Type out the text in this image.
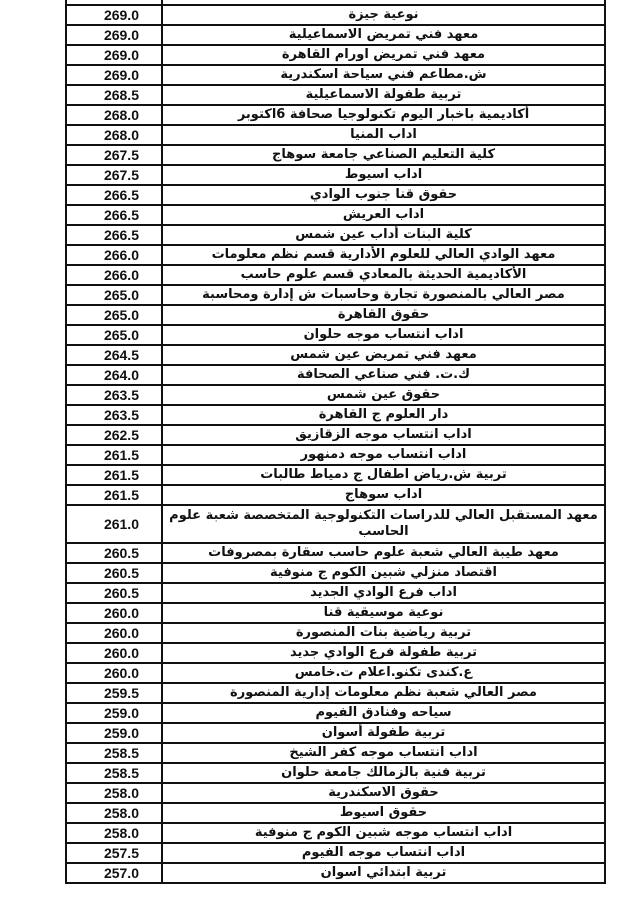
269.0	نوعية جيزة
269.0	معهد فني تمريض الاسماعيلية
269.0	معهد فني تمريض اورام القاهرة
269.0	ش.مطاعم فني سياحة اسكندرية
268.5	تربية طفولة الاسماعيلية
268.0	أكاديمية باخبار اليوم تكنولوجيا صحافة 6اكتوبر
268.0	اداب المنيا
267.5	كلية التعليم الصناعي جامعة سوهاج
267.5	اداب اسيوط
266.5	حقوق قنا جنوب الوادي
266.5	اداب العريش
266.5	كلية البنات أداب عين شمس
266.0	معهد الوادي العالي للعلوم الأدارية قسم نظم معلومات
266.0	الأكاديمية الحديثة بالمعادي قسم علوم حاسب
265.0	مصر العالي بالمنصورة تجارة وحاسبات ش إدارة ومحاسبة
265.0	حقوق القاهرة
265.0	اداب انتساب موجه حلوان
264.5	معهد فني تمريض عين شمس
264.0	ك.ت. فني صناعي الصحافة
263.5	حقوق عين شمس
263.5	دار العلوم ج القاهرة
262.5	اداب انتساب موجه الزقازيق
261.5	اداب انتساب موجه دمنهور
261.5	تربية ش.رياض اطفال ج دمياط طالبات
261.5	اداب سوهاج
261.0	معهد المستقبل العالي للدراسات التكنولوجية المتخصصة شعبة علوم الحاسب
260.5	معهد طيبة العالي شعبة علوم حاسب سقارة بمصروفات
260.5	اقتصاد منزلي شبين الكوم ج منوفية
260.5	اداب فرع الوادي الجديد
260.0	نوعية موسيقية قنا
260.0	تربية رياضية بنات المنصورة
260.0	تربية طفولة فرع الوادي جديد
260.0	ع.كندى تكنو.اعلام ت.خامس
259.5	مصر العالي شعبة نظم معلومات إدارية المنصورة
259.0	سياحه وفنادق الفيوم
259.0	تربية طفولة أسوان
258.5	اداب انتساب موجه كفر الشيخ
258.5	تربية فنية بالزمالك جامعة حلوان
258.0	حقوق الاسكندرية
258.0	حقوق اسيوط
258.0	اداب انتساب موجه شبين الكوم ج منوفية
257.5	اداب انتساب موجه الفيوم
257.0	تربية ابتدائي اسوان
